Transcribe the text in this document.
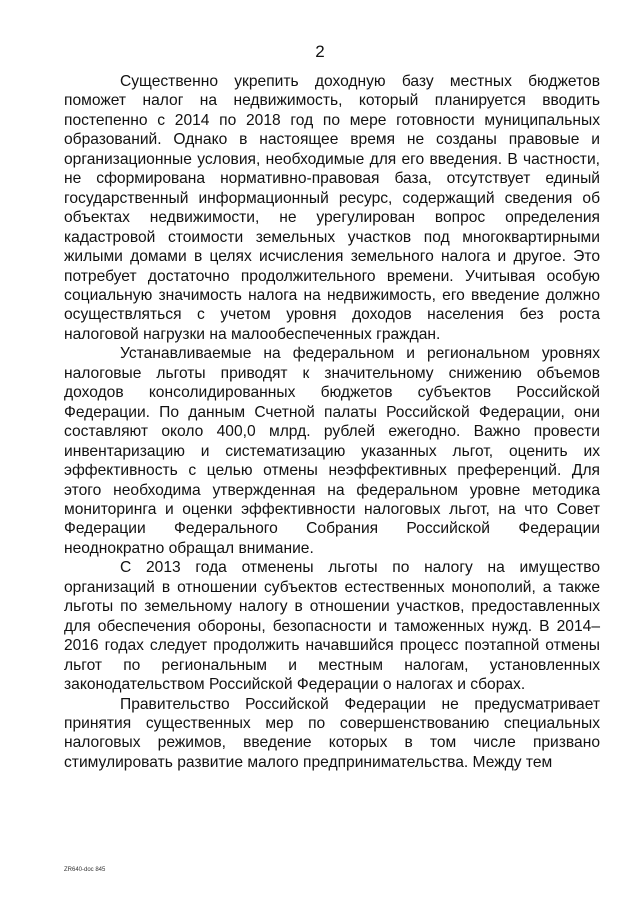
2

Существенно укрепить доходную базу местных бюджетов поможет налог на недвижимость, который планируется вводить постепенно с 2014 по 2018 год по мере готовности муниципальных образований. Однако в настоящее время не созданы правовые и организационные условия, необходимые для его введения. В частности, не сформирована нормативно-правовая база, отсутствует единый государственный информационный ресурс, содержащий сведения об объектах недвижимости, не урегулирован вопрос определения кадастровой стоимости земельных участков под многоквартирными жилыми домами в целях исчисления земельного налога и другое. Это потребует достаточно продолжительного времени. Учитывая особую социальную значимость налога на недвижимость, его введение должно осуществляться с учетом уровня доходов населения без роста налоговой нагрузки на малообеспеченных граждан.

Устанавливаемые на федеральном и региональном уровнях налоговые льготы приводят к значительному снижению объемов доходов консолидированных бюджетов субъектов Российской Федерации. По данным Счетной палаты Российской Федерации, они составляют около 400,0 млрд. рублей ежегодно. Важно провести инвентаризацию и систематизацию указанных льгот, оценить их эффективность с целью отмены неэффективных преференций. Для этого необходима утвержденная на федеральном уровне методика мониторинга и оценки эффективности налоговых льгот, на что Совет Федерации Федерального Собрания Российской Федерации неоднократно обращал внимание.

С 2013 года отменены льготы по налогу на имущество организаций в отношении субъектов естественных монополий, а также льготы по земельному налогу в отношении участков, предоставленных для обеспечения обороны, безопасности и таможенных нужд. В 2014–2016 годах следует продолжить начавшийся процесс поэтапной отмены льгот по региональным и местным налогам, установленных законодательством Российской Федерации о налогах и сборах.

Правительство Российской Федерации не предусматривает принятия существенных мер по совершенствованию специальных налоговых режимов, введение которых в том числе призвано стимулировать развитие малого предпринимательства. Между тем

ZR640-doc 845
